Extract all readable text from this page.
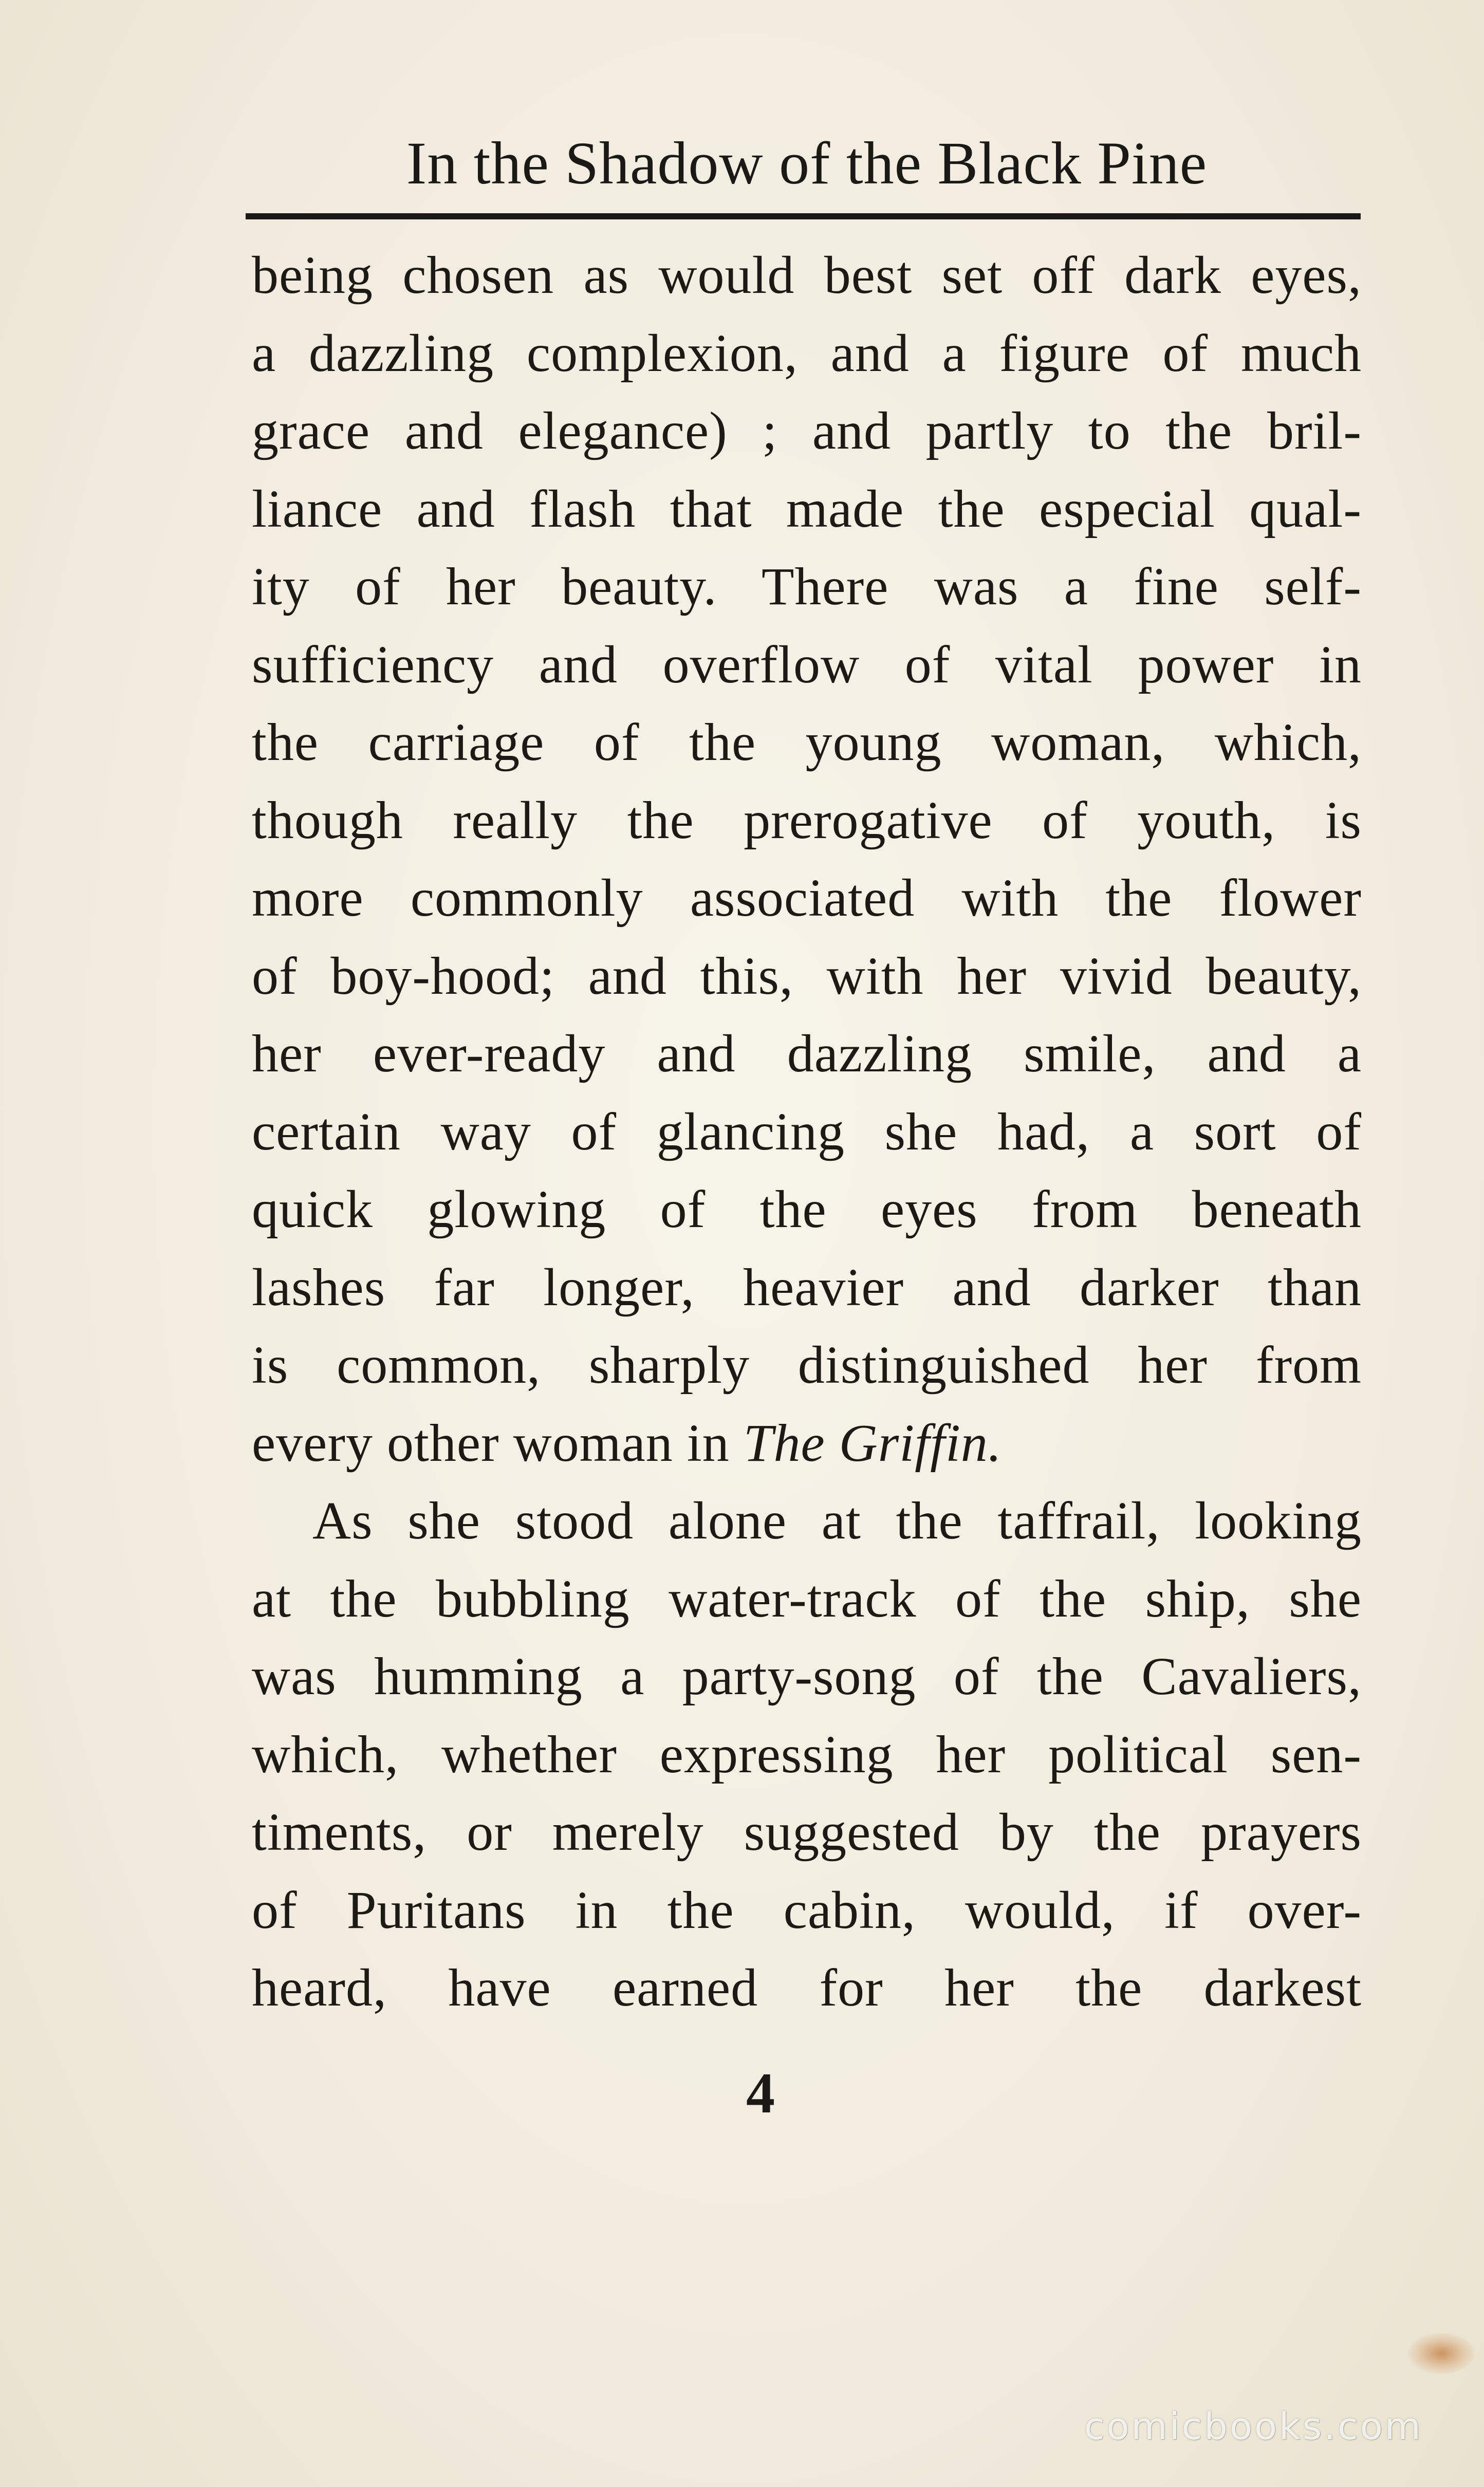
In the Shadow of the Black Pine
being chosen as would best set off dark eyes,
a dazzling complexion, and a figure of much
grace and elegance) ; and partly to the bril-
liance and flash that made the especial qual-
ity of her beauty. There was a fine self-
sufficiency and overflow of vital power in
the carriage of the young woman, which,
though really the prerogative of youth, is
more commonly associated with the flower
of boy-hood; and this, with her vivid beauty,
her ever-ready and dazzling smile, and a
certain way of glancing she had, a sort of
quick glowing of the eyes from beneath
lashes far longer, heavier and darker than
is common, sharply distinguished her from
every other woman in The Griffin.
As she stood alone at the taffrail, looking
at the bubbling water-track of the ship, she
was humming a party-song of the Cavaliers,
which, whether expressing her political sen-
timents, or merely suggested by the prayers
of Puritans in the cabin, would, if over-
heard, have earned for her the darkest
4
comicbooks.com
